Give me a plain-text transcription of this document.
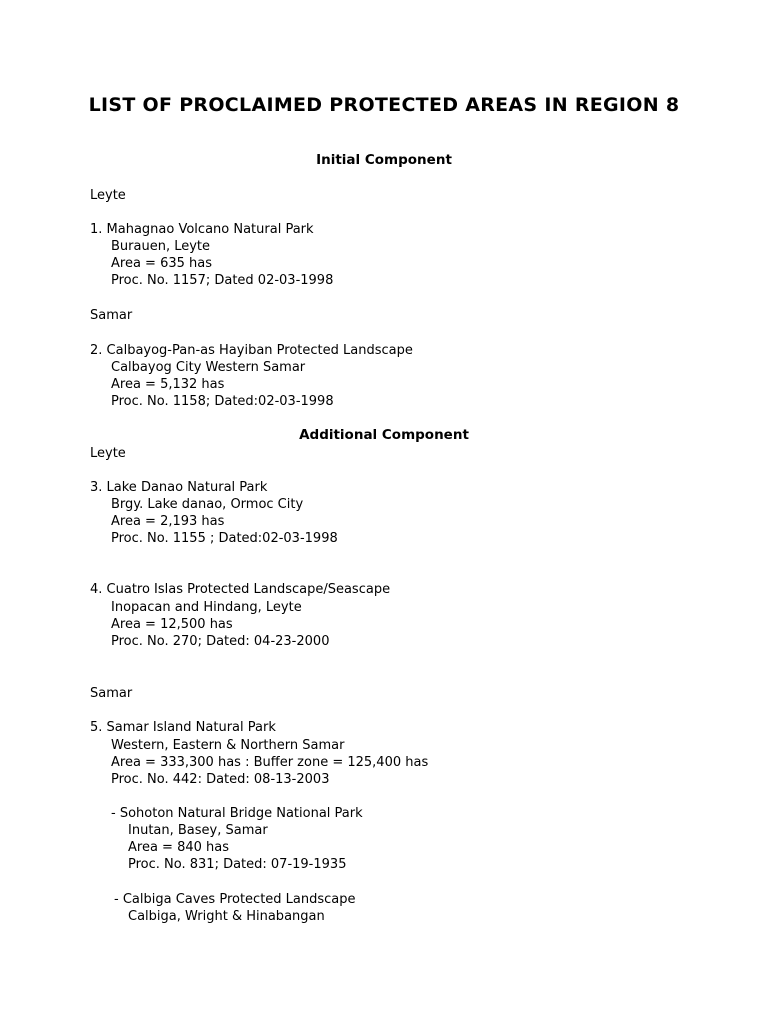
LIST OF PROCLAIMED PROTECTED AREAS IN REGION 8
Initial Component
Leyte
1. Mahagnao Volcano Natural Park
Burauen, Leyte
Area = 635 has
Proc. No. 1157; Dated 02-03-1998
Samar
2. Calbayog-Pan-as Hayiban Protected Landscape
Calbayog City Western Samar
Area = 5,132 has
Proc. No. 1158; Dated:02-03-1998
Additional Component
Leyte
3. Lake Danao Natural Park
Brgy. Lake danao, Ormoc City
Area = 2,193 has
Proc. No. 1155 ; Dated:02-03-1998
4. Cuatro Islas Protected Landscape/Seascape
Inopacan and Hindang, Leyte
Area = 12,500 has
Proc. No. 270; Dated: 04-23-2000
Samar
5. Samar Island Natural Park
Western, Eastern & Northern Samar
Area = 333,300 has : Buffer zone = 125,400 has
Proc. No. 442: Dated: 08-13-2003
- Sohoton Natural Bridge National Park
Inutan, Basey, Samar
Area = 840 has
Proc. No. 831; Dated: 07-19-1935
- Calbiga Caves Protected Landscape
Calbiga, Wright & Hinabangan
